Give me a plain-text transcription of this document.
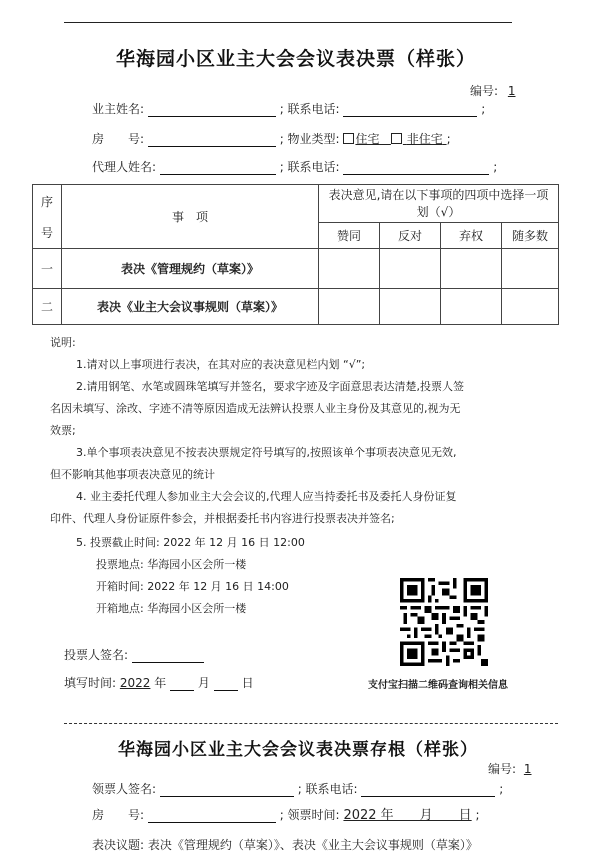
华海园小区业主大会会议表决票（样张）
编号: 1
业主姓名:	; 联系电话:	;
房　　号:	; 物业类型: 住宅 非住宅 ;
代理人姓名:	; 联系电话:	;
序
号	事　项	表决意见,请在以下事项的四项中选择一项划（√）			
		赞同	反对	弃权	随多数
一	表决《管理规约（草案）》				
二	表决《业主大会议事规则（草案）》				
说明:
1.请对以上事项进行表决，在其对应的表决意见栏内划 “√”;
2.请用钢笔、水笔或圆珠笔填写并签名，要求字迹及字面意思表达清楚,投票人签
名因未填写、涂改、字迹不清等原因造成无法辨认投票人业主身份及其意见的,视为无
效票;
3.单个事项表决意见不按表决票规定符号填写的,按照该单个事项表决意见无效,
但不影响其他事项表决意见的统计
4. 业主委托代理人参加业主大会会议的,代理人应当持委托书及委托人身份证复
印件、代理人身份证原件参会，并根据委托书内容进行投票表决并签名;
5. 投票截止时间: 2022 年 12 月 16 日 12:00
投票地点: 华海园小区会所一楼
开箱时间: 2022 年 12 月 16 日 14:00
开箱地点: 华海园小区会所一楼
投票人签名:
填写时间: 2022 年	月	日	支付宝扫描二维码查询相关信息
华海园小区业主大会会议表决票存根（样张）
编号: 1
领票人签名:	; 联系电话:	;
房　　号:	; 领票时间: 2022 年　　月　　日 ;
表决议题: 表决《管理规约（草案）》、表决《业主大会议事规则（草案）》
